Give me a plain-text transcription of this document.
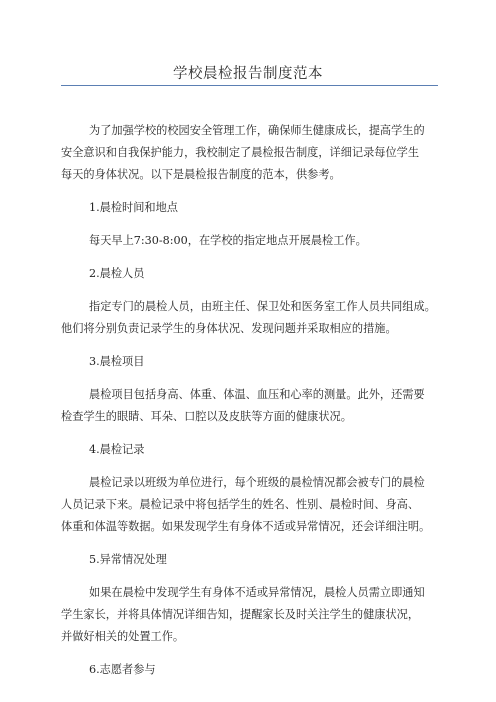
学校晨检报告制度范本
为了加强学校的校园安全管理工作，确保师生健康成长，提高学生的
安全意识和自我保护能力，我校制定了晨检报告制度，详细记录每位学生
每天的身体状况。以下是晨检报告制度的范本，供参考。
1.晨检时间和地点
每天早上7:30-8:00，在学校的指定地点开展晨检工作。
2.晨检人员
指定专门的晨检人员，由班主任、保卫处和医务室工作人员共同组成。
他们将分别负责记录学生的身体状况、发现问题并采取相应的措施。
3.晨检项目
晨检项目包括身高、体重、体温、血压和心率的测量。此外，还需要
检查学生的眼睛、耳朵、口腔以及皮肤等方面的健康状况。
4.晨检记录
晨检记录以班级为单位进行，每个班级的晨检情况都会被专门的晨检
人员记录下来。晨检记录中将包括学生的姓名、性别、晨检时间、身高、
体重和体温等数据。如果发现学生有身体不适或异常情况，还会详细注明。
5.异常情况处理
如果在晨检中发现学生有身体不适或异常情况，晨检人员需立即通知
学生家长，并将具体情况详细告知，提醒家长及时关注学生的健康状况，
并做好相关的处置工作。
6.志愿者参与
